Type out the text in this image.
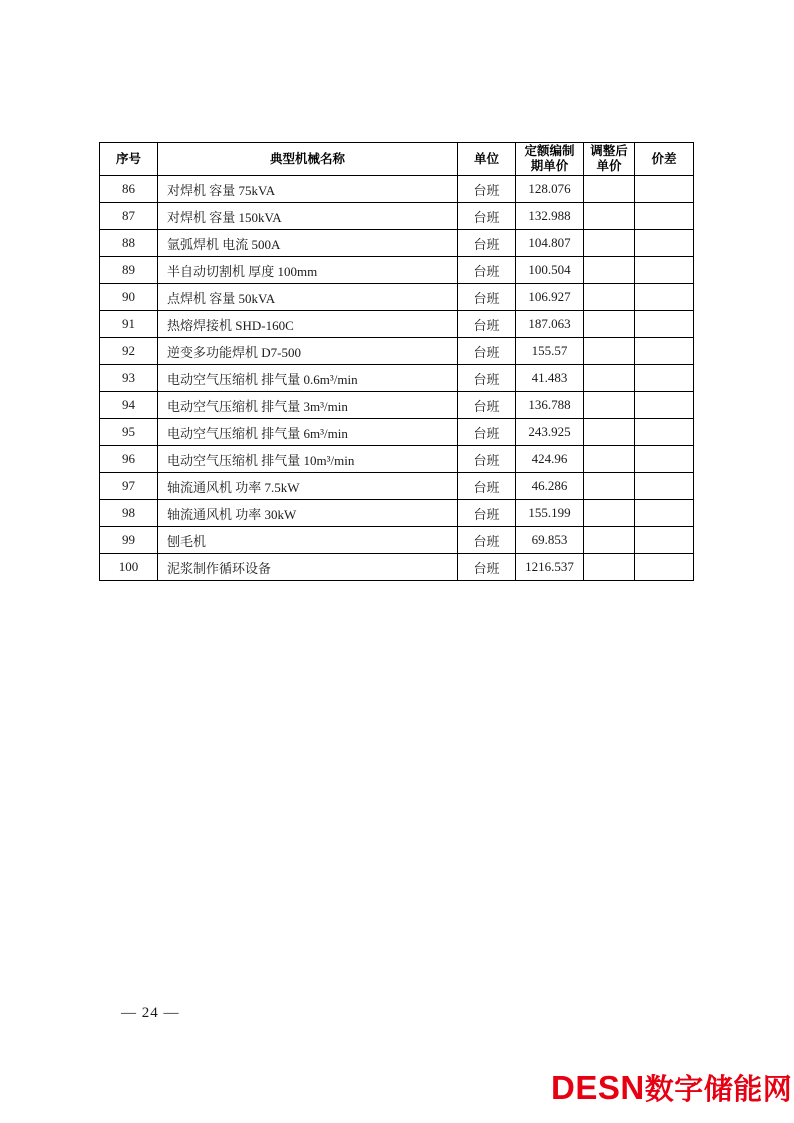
序号	典型机械名称	单位	定额编制期单价	调整后单价	价差
86	对焊机 容量 75kVA	台班	128.076		
87	对焊机 容量 150kVA	台班	132.988		
88	氩弧焊机 电流 500A	台班	104.807		
89	半自动切割机 厚度 100mm	台班	100.504		
90	点焊机 容量 50kVA	台班	106.927		
91	热熔焊接机 SHD-160C	台班	187.063		
92	逆变多功能焊机 D7-500	台班	155.57		
93	电动空气压缩机 排气量 0.6m³/min	台班	41.483		
94	电动空气压缩机 排气量 3m³/min	台班	136.788		
95	电动空气压缩机 排气量 6m³/min	台班	243.925		
96	电动空气压缩机 排气量 10m³/min	台班	424.96		
97	轴流通风机 功率 7.5kW	台班	46.286		
98	轴流通风机 功率 30kW	台班	155.199		
99	刨毛机	台班	69.853		
100	泥浆制作循环设备	台班	1216.537		
— 24 —
DESN数字储能网
